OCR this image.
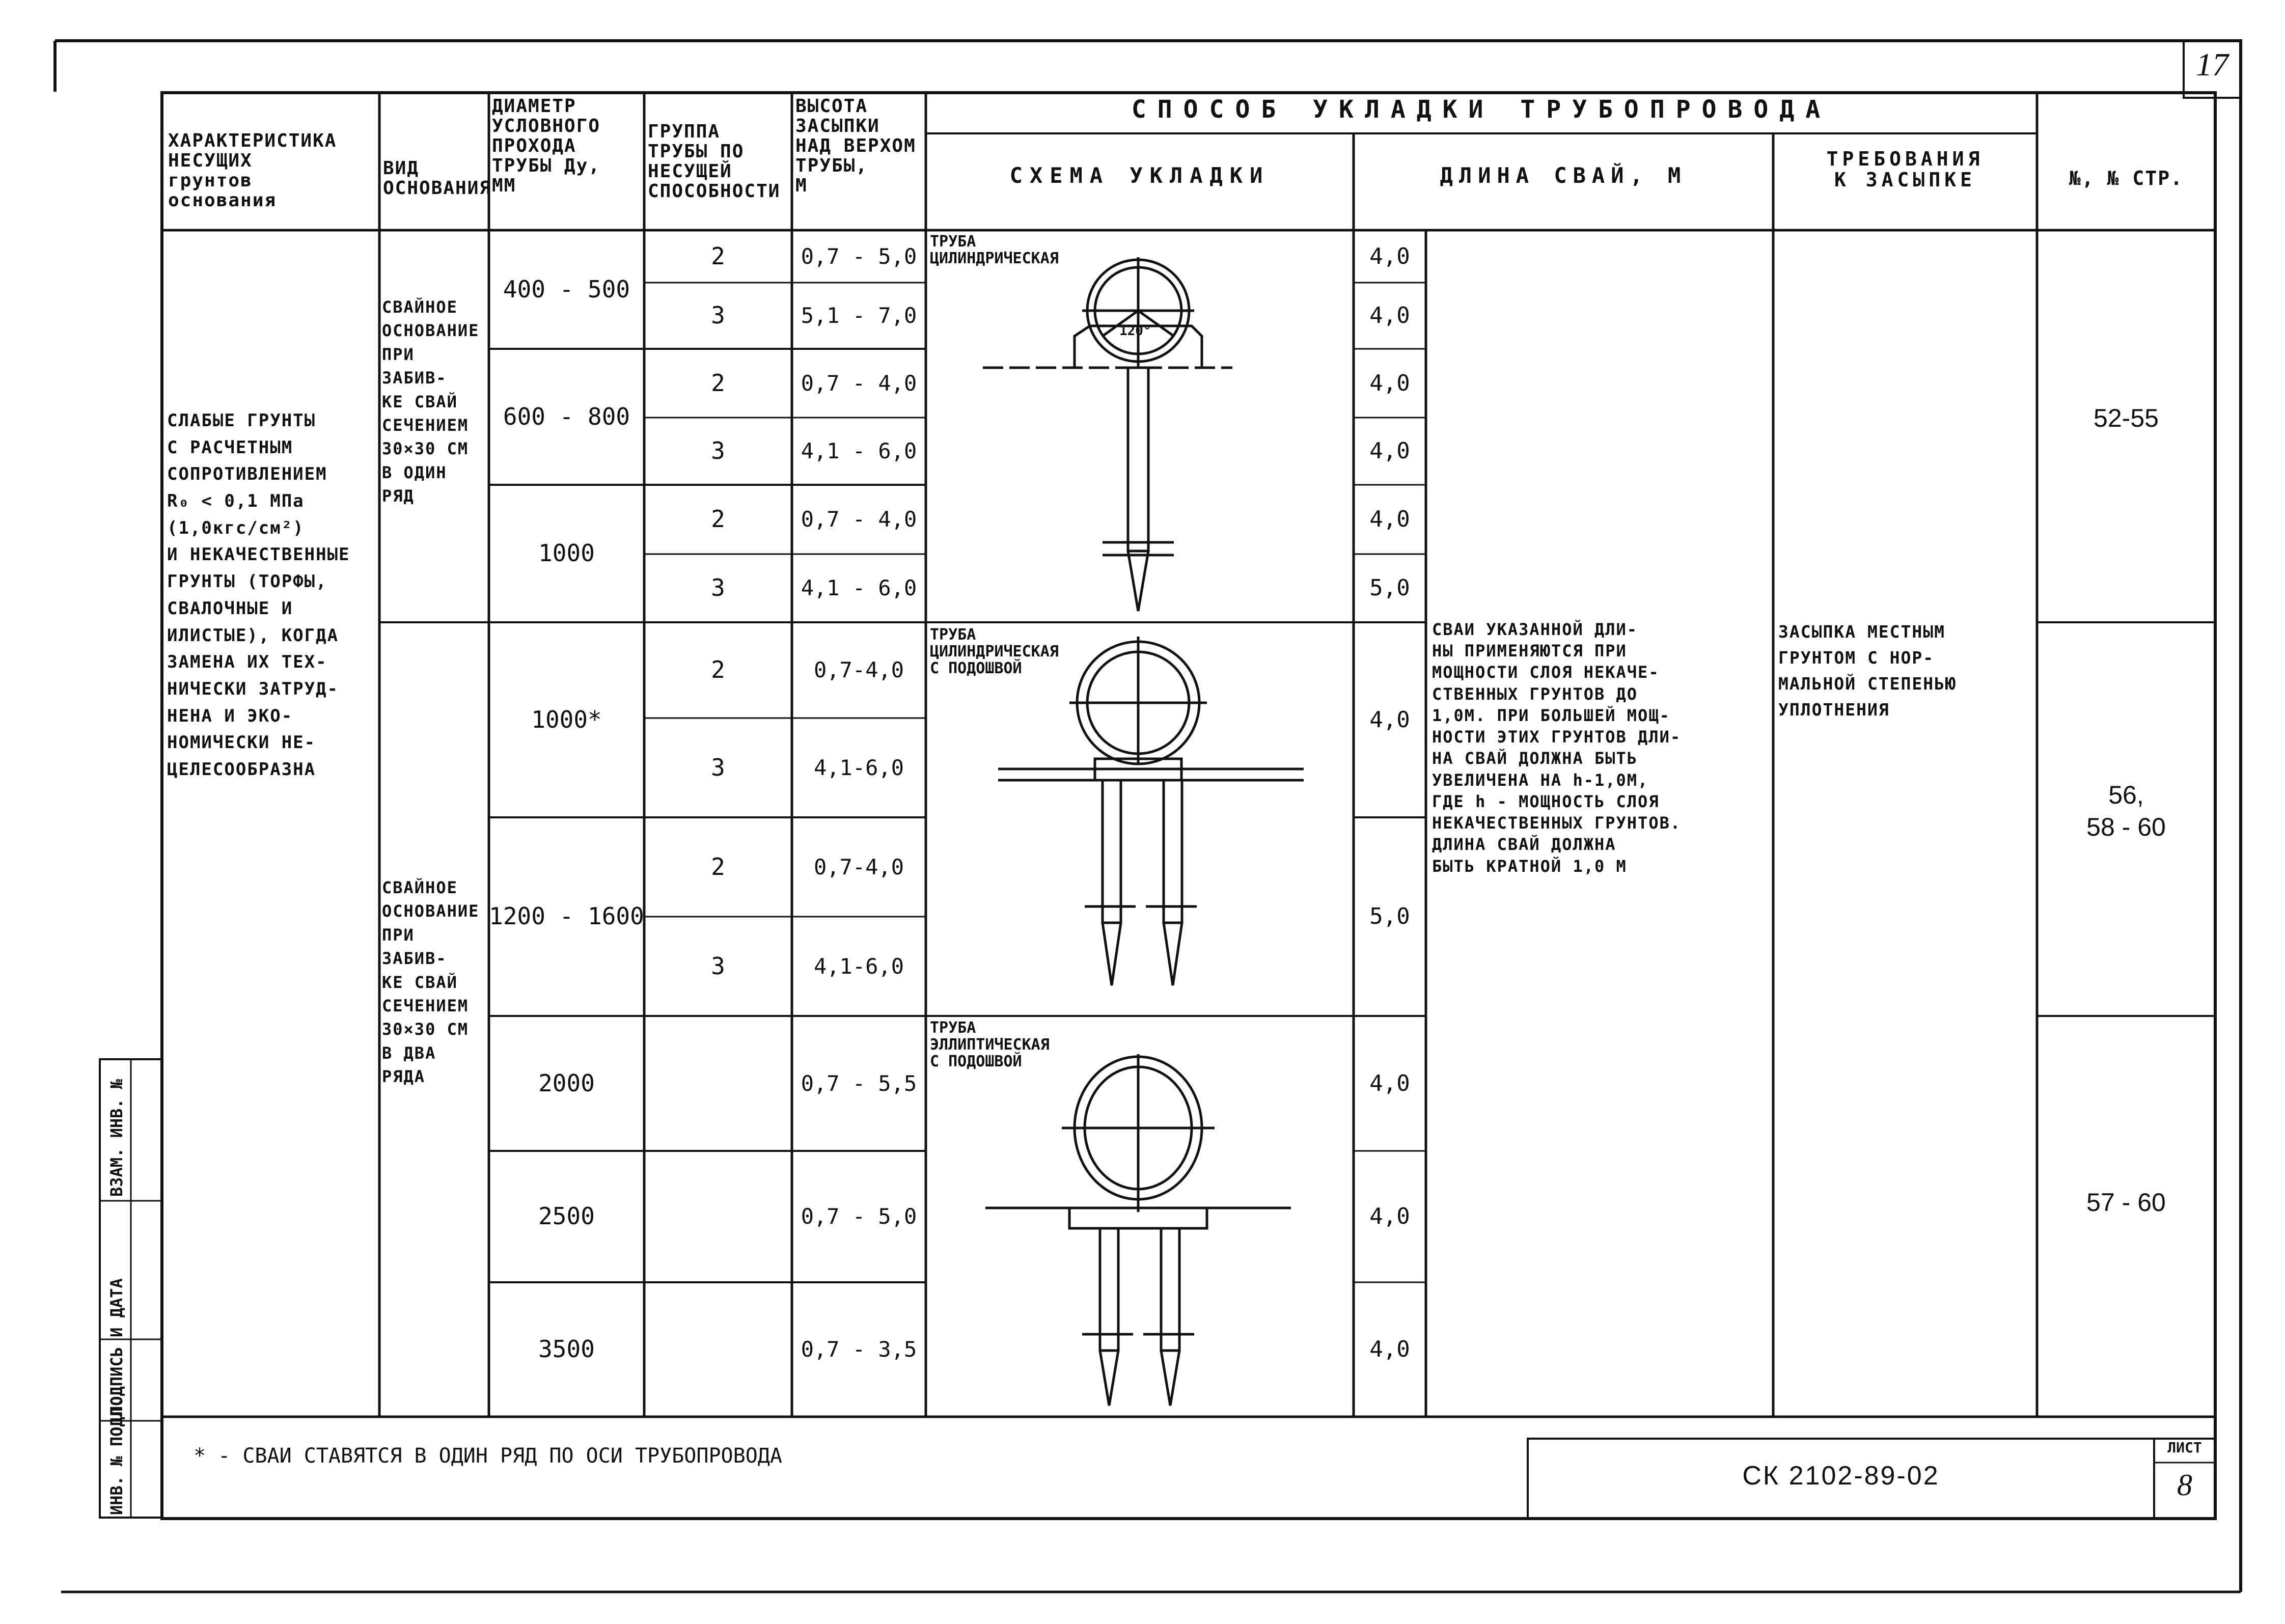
17
ХАРАКТЕРИСТИКА
НЕСУЩИХ
грунтов
основания
ВИД
ОСНОВАНИЯ
ДИАМЕТР
УСЛОВНОГО
ПРОХОДА
ТРУБЫ Ду,
ММ
ГРУППА
ТРУБЫ ПО
НЕСУЩЕЙ
СПОСОБНОСТИ
ВЫСОТА
ЗАСЫПКИ
НАД ВЕРХОМ
ТРУБЫ,
М
СПОСОБ УКЛАДКИ ТРУБОПРОВОДА
СХЕМА УКЛАДКИ	ДЛИНА СВАЙ, М
ТРЕБОВАНИЯ
К ЗАСЫПКЕ	№, № СТР.
СЛАБЫЕ ГРУНТЫ
С РАСЧЕТНЫМ
СОПРОТИВЛЕНИЕМ
R₀ < 0,1 МПа (1,0кгс/см²)
И НЕКАЧЕСТВЕННЫЕ
ГРУНТЫ (ТОРФЫ,
СВАЛОЧНЫЕ И
ИЛИСТЫЕ), КОГДА
ЗАМЕНА ИХ ТЕХ-
НИЧЕСКИ ЗАТРУД-
НЕНА И ЭКО-
НОМИЧЕСКИ НЕ-
ЦЕЛЕСООБРАЗНА
СВАЙНОЕ
ОСНОВАНИЕ
ПРИ ЗАБИВ-
КЕ СВАЙ
СЕЧЕНИЕМ
30×30 СМ
В ОДИН
РЯД
СВАЙНОЕ
ОСНОВАНИЕ
ПРИ ЗАБИВ-
КЕ СВАЙ
СЕЧЕНИЕМ
30×30 СМ
В ДВА
РЯДА
400 - 500
600 - 800
1000
1000*
1200 - 1600
2000
2500
3500
2
3
2
3
2
3
2
3
2
3
0,7 - 5,0
5,1 - 7,0
0,7 - 4,0
4,1 - 6,0
0,7 - 4,0
4,1 - 6,0
0,7-4,0
4,1-6,0
0,7-4,0
4,1-6,0
0,7 - 5,5
0,7 - 5,0
0,7 - 3,5
ТРУБА
ЦИЛИНДРИЧЕСКАЯ
120°
ТРУБА
ЦИЛИНДРИЧЕСКАЯ
С ПОДОШВОЙ
ТРУБА
ЭЛЛИПТИЧЕСКАЯ
С ПОДОШВОЙ
4,0
4,0
4,0
4,0
4,0
5,0
4,0
5,0
4,0
4,0
4,0
СВАИ УКАЗАННОЙ ДЛИ-
НЫ ПРИМЕНЯЮТСЯ ПРИ
МОЩНОСТИ СЛОЯ НЕКАЧЕ-
СТВЕННЫХ ГРУНТОВ ДО
1,0М. ПРИ БОЛЬШЕЙ МОЩ-
НОСТИ ЭТИХ ГРУНТОВ ДЛИ-
НА СВАЙ ДОЛЖНА БЫТЬ
УВЕЛИЧЕНА НА h-1,0М,
ГДЕ h - МОЩНОСТЬ СЛОЯ
НЕКАЧЕСТВЕННЫХ ГРУНТОВ.
ДЛИНА СВАЙ ДОЛЖНА
БЫТЬ КРАТНОЙ 1,0 М
ЗАСЫПКА МЕСТНЫМ
ГРУНТОМ С НОР-
МАЛЬНОЙ СТЕПЕНЬЮ
УПЛОТНЕНИЯ
52-55
56,
58 - 60
57 - 60
* - СВАИ СТАВЯТСЯ В ОДИН РЯД ПО ОСИ ТРУБОПРОВОДА
СК 2102-89-02
ЛИСТ
8
ИНВ. № ПОДЛ.
ПОДПИСЬ И ДАТА
ВЗАМ. ИНВ. №
